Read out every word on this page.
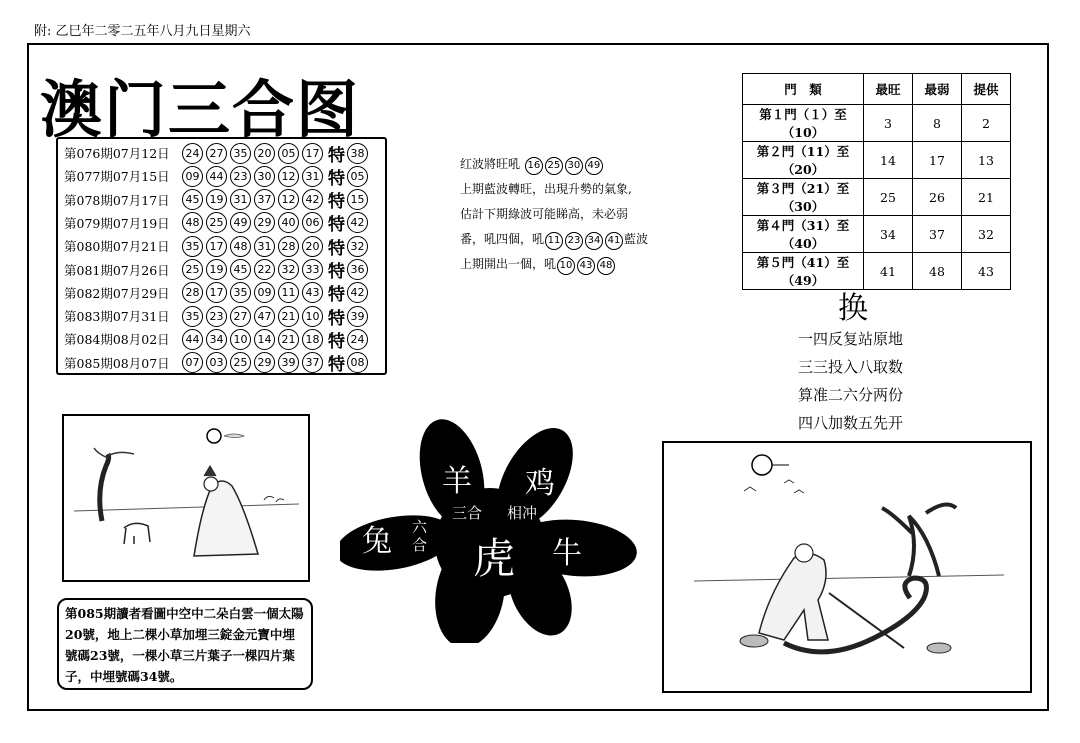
附: 乙巳年二零二五年八月九日星期六
澳门三合图
第076期07月12日	24 27 35 20 05 17 特 38
第077期07月15日	09 44 23 30 12 31 特 05
第078期07月17日	45 19 31 37 12 42 特 15
第079期07月19日	48 25 49 29 40 06 特 42
第080期07月21日	35 17 48 31 28 20 特 32
第081期07月26日	25 19 45 22 32 33 特 36
第082期07月29日	28 17 35 09 11 43 特 42
第083期07月31日	35 23 27 47 21 10 特 39
第084期08月02日	44 34 10 14 21 18 特 24
第085期08月07日	07 03 25 29 39 37 特 08
红波將旺吼 16 25 30 49
上期藍波轉旺，出現升勢的氣象,
估計下期綠波可能睇高，未必弱
番，吼四個，吼 11 23 34 41 藍波
上期開出一個，吼 10 43 48
門　類	最旺	最弱	提供
第１門（１）至（10）	3	8	2
第２門（11）至（20）	14	17	13
第３門（21）至（30）	25	26	21
第４門（31）至（40）	34	37	32
第５門（41）至（49）	41	48	43
换
一四反复站原地
三三投入八取数
算准二六分两份
四八加数五先开
第085期讀者看圖中空中二朵白雲一個太陽20號，地上二棵小草加埋三錠金元寶中埋號碼23號，一棵小草三片葉子一棵四片葉子，中埋號碼34號。
羊 鸡
三合 相冲
兔 六合 虎 牛
